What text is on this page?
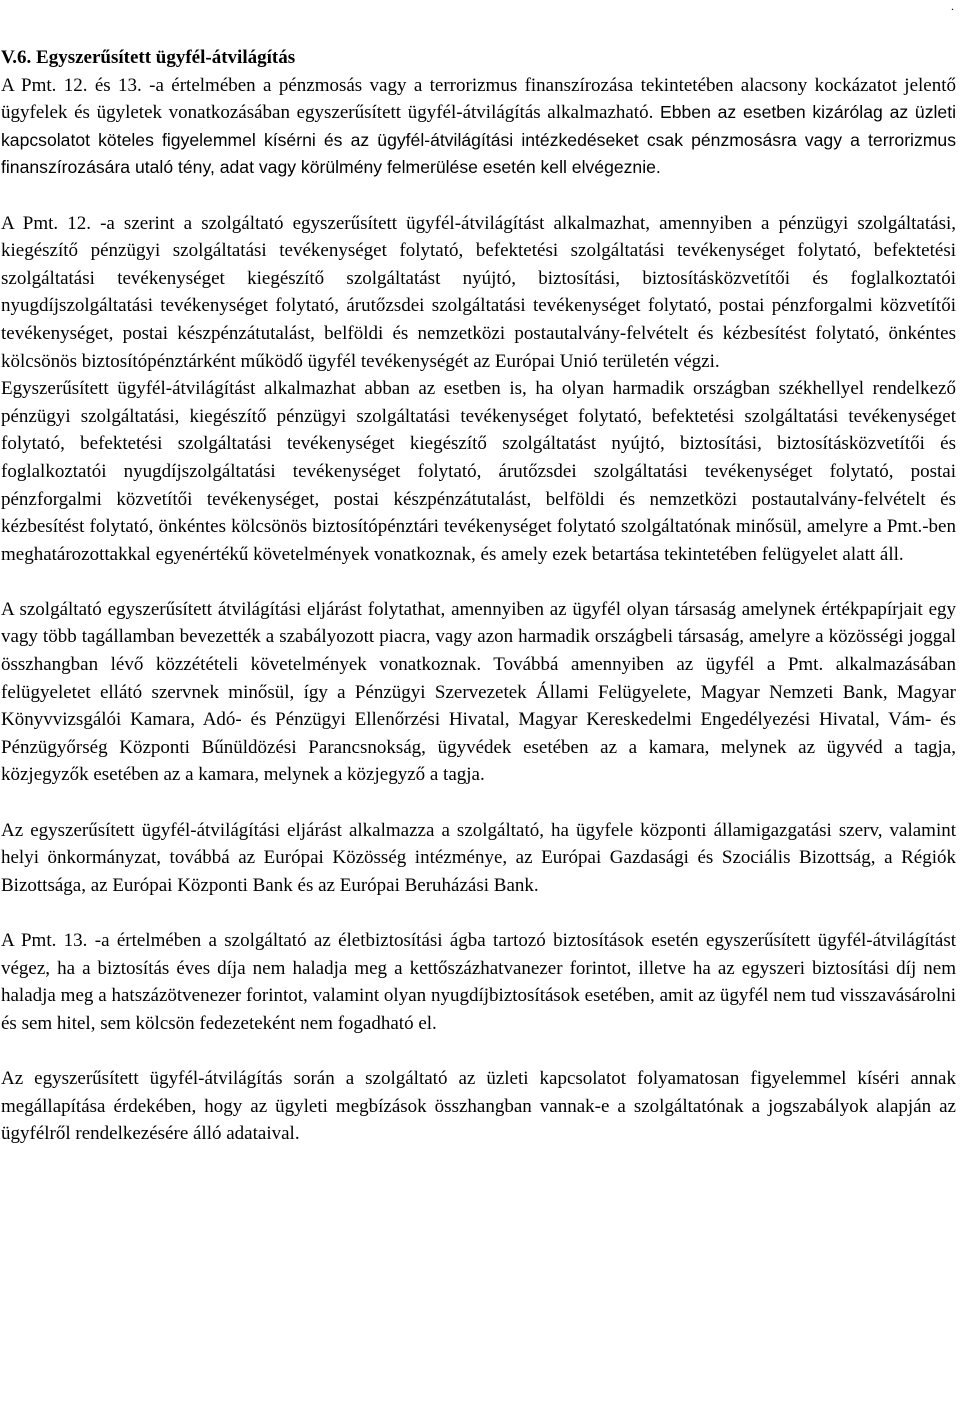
.
V.6. Egyszerűsített ügyfél-átvilágítás

A Pmt. 12. és 13. -a értelmében a pénzmosás vagy a terrorizmus finanszírozása tekintetében alacsony kockázatot jelentő ügyfelek és ügyletek vonatkozásában egyszerűsített ügyfél-átvilágítás alkalmazható. Ebben az esetben kizárólag az üzleti kapcsolatot köteles figyelemmel kísérni és az ügyfél-átvilágítási intézkedéseket csak pénzmosásra vagy a terrorizmus finanszírozására utaló tény, adat vagy körülmény felmerülése esetén kell elvégeznie.

A Pmt. 12. -a szerint a szolgáltató egyszerűsített ügyfél-átvilágítást alkalmazhat, amennyiben a pénzügyi szolgáltatási, kiegészítő pénzügyi szolgáltatási tevékenységet folytató, befektetési szolgáltatási tevékenységet folytató, befektetési szolgáltatási tevékenységet kiegészítő szolgáltatást nyújtó, biztosítási, biztosításközvetítői és foglalkoztatói nyugdíjszolgáltatási tevékenységet folytató, árutőzsdei szolgáltatási tevékenységet folytató, postai pénzforgalmi közvetítői tevékenységet, postai készpénzátutalást, belföldi és nemzetközi postautalvány-felvételt és kézbesítést folytató, önkéntes kölcsönös biztosítópénztárként működő ügyfél tevékenységét az Európai Unió területén végzi.

Egyszerűsített ügyfél-átvilágítást alkalmazhat abban az esetben is, ha olyan harmadik országban székhellyel rendelkező pénzügyi szolgáltatási, kiegészítő pénzügyi szolgáltatási tevékenységet folytató, befektetési szolgáltatási tevékenységet folytató, befektetési szolgáltatási tevékenységet kiegészítő szolgáltatást nyújtó, biztosítási, biztosításközvetítői és foglalkoztatói nyugdíjszolgáltatási tevékenységet folytató, árutőzsdei szolgáltatási tevékenységet folytató, postai pénzforgalmi közvetítői tevékenységet, postai készpénzátutalást, belföldi és nemzetközi postautalvány-felvételt és kézbesítést folytató, önkéntes kölcsönös biztosítópénztári tevékenységet folytató szolgáltatónak minősül, amelyre a Pmt.-ben meghatározottakkal egyenértékű követelmények vonatkoznak, és amely ezek betartása tekintetében felügyelet alatt áll.

A szolgáltató egyszerűsített átvilágítási eljárást folytathat, amennyiben az ügyfél olyan társaság amelynek értékpapírjait egy vagy több tagállamban bevezették a szabályozott piacra, vagy azon harmadik országbeli társaság, amelyre a közösségi joggal összhangban lévő közzétételi követelmények vonatkoznak. Továbbá amennyiben az ügyfél a Pmt. alkalmazásában felügyeletet ellátó szervnek minősül, így a Pénzügyi Szervezetek Állami Felügyelete, Magyar Nemzeti Bank, Magyar Könyvvizsgálói Kamara, Adó- és Pénzügyi Ellenőrzési Hivatal, Magyar Kereskedelmi Engedélyezési Hivatal, Vám- és Pénzügyőrség Központi Bűnüldözési Parancsnokság, ügyvédek esetében az a kamara, melynek az ügyvéd a tagja, közjegyzők esetében az a kamara, melynek a közjegyző a tagja.

Az egyszerűsített ügyfél-átvilágítási eljárást alkalmazza a szolgáltató, ha ügyfele központi államigazgatási szerv, valamint helyi önkormányzat, továbbá az Európai Közösség intézménye, az Európai Gazdasági és Szociális Bizottság, a Régiók Bizottsága, az Európai Központi Bank és az Európai Beruházási Bank.

A Pmt. 13. -a értelmében a szolgáltató az életbiztosítási ágba tartozó biztosítások esetén egyszerűsített ügyfél-átvilágítást végez, ha a biztosítás éves díja nem haladja meg a kettőszázhatvanezer forintot, illetve ha az egyszeri biztosítási díj nem haladja meg a hatszázötvenezer forintot, valamint olyan nyugdíjbiztosítások esetében, amit az ügyfél nem tud visszavásárolni és sem hitel, sem kölcsön fedezeteként nem fogadható el.

Az egyszerűsített ügyfél-átvilágítás során a szolgáltató az üzleti kapcsolatot folyamatosan figyelemmel kíséri annak megállapítása érdekében, hogy az ügyleti megbízások összhangban vannak-e a szolgáltatónak a jogszabályok alapján az ügyfélről rendelkezésére álló adataival.
